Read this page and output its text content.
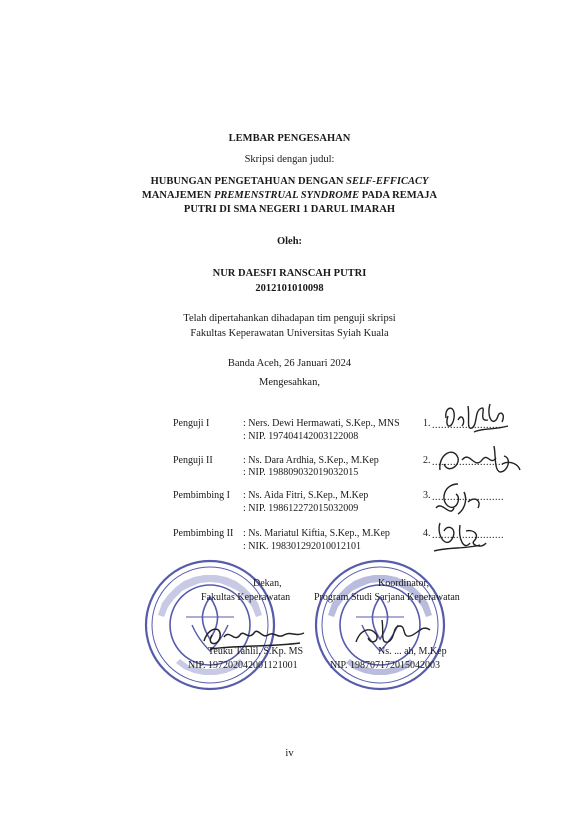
LEMBAR PENGESAHAN
Skripsi dengan judul:
HUBUNGAN PENGETAHUAN DENGAN SELF-EFFICACY
MANAJEMEN PREMENSTRUAL SYNDROME PADA REMAJA
PUTRI DI SMA NEGERI 1 DARUL IMARAH
Oleh:
NUR DAESFI RANSCAH PUTRI
2012101010098
Telah dipertahankan dihadapan tim penguji skripsi
Fakultas Keperawatan Universitas Syiah Kuala
Banda Aceh, 26 Januari 2024
Mengesahkan,
Penguji I	: Ners. Dewi Hermawati, S.Kep., MNS 1. ........................
: NIP. 197404142003122008
Penguji II	: Ns. Dara Ardhia, S.Kep., M.Kep	2. ........................
: NIP. 198809032019032015
Pembimbing I : Ns. Aida Fitri, S.Kep., M.Kep	3. ........................
: NIP. 198612272015032009
Pembimbing II : Ns. Mariatul Kiftia, S.Kep., M.Kep	4. ........................
: NIK. 198301292010012101
Dekan,
Fakultas Keperawatan
Teuku Tahlil, S.Kp. MS
NIP. 197202042001121001
Koordinator,
Program Studi Sarjana Keperawatan
Ns. ... ah, M.Kep
NIP. 198707172015042003
iv
